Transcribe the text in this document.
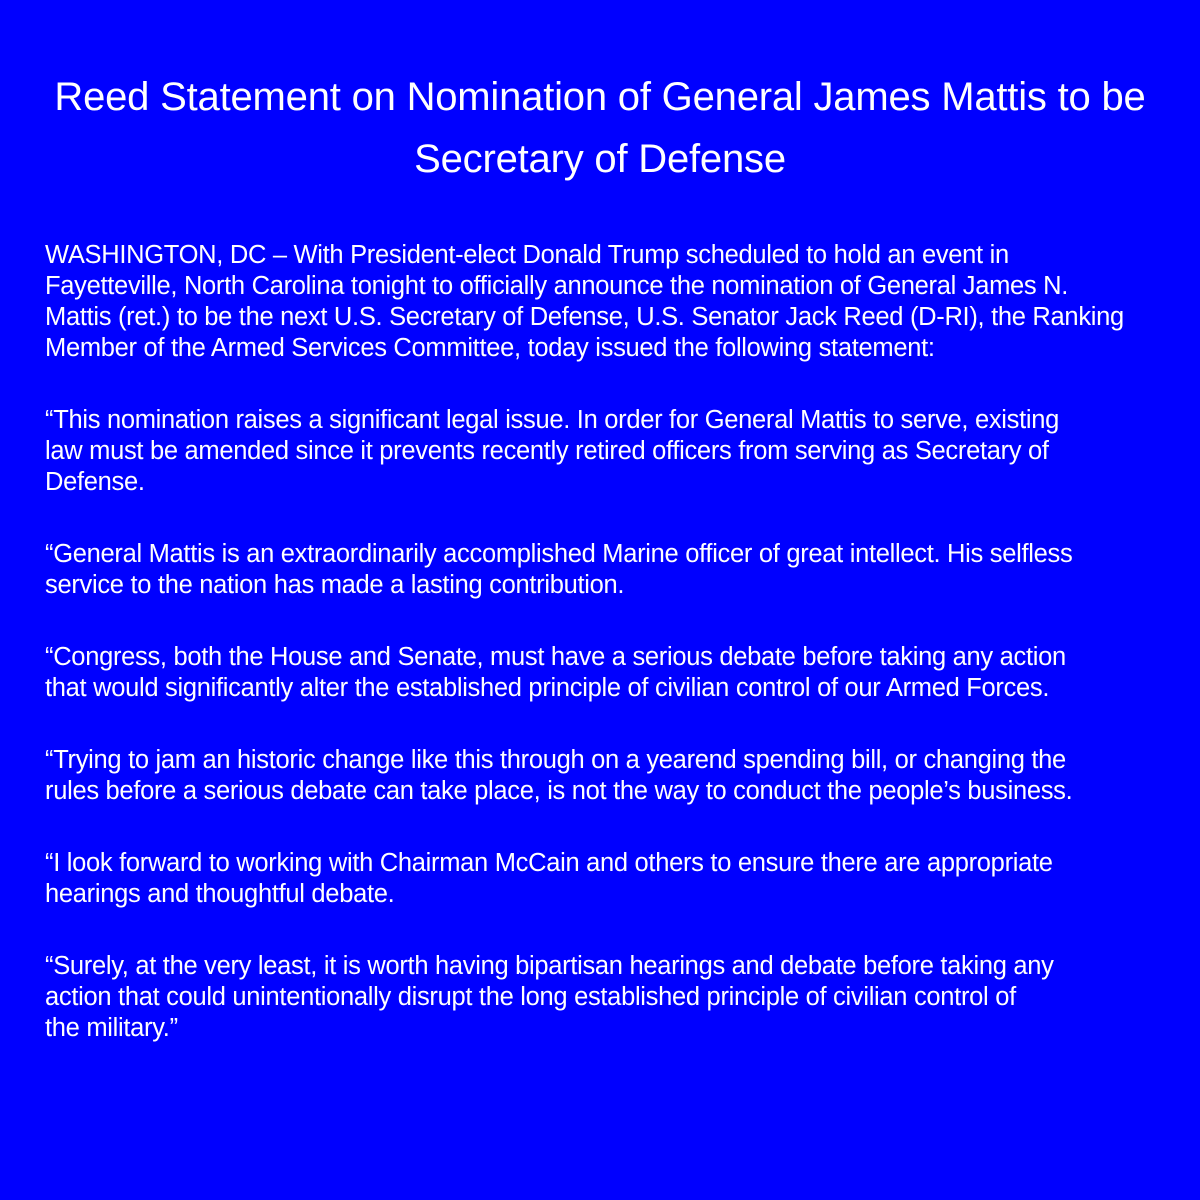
Reed Statement on Nomination of General James Mattis to be
Secretary of Defense

WASHINGTON, DC – With President-elect Donald Trump scheduled to hold an event in
Fayetteville, North Carolina tonight to officially announce the nomination of General James N.
Mattis (ret.) to be the next U.S. Secretary of Defense, U.S. Senator Jack Reed (D-RI), the Ranking
Member of the Armed Services Committee, today issued the following statement:

“This nomination raises a significant legal issue. In order for General Mattis to serve, existing
law must be amended since it prevents recently retired officers from serving as Secretary of
Defense.

“General Mattis is an extraordinarily accomplished Marine officer of great intellect. His selfless
service to the nation has made a lasting contribution.

“Congress, both the House and Senate, must have a serious debate before taking any action
that would significantly alter the established principle of civilian control of our Armed Forces.

“Trying to jam an historic change like this through on a yearend spending bill, or changing the
rules before a serious debate can take place, is not the way to conduct the people’s business.

“I look forward to working with Chairman McCain and others to ensure there are appropriate
hearings and thoughtful debate.

“Surely, at the very least, it is worth having bipartisan hearings and debate before taking any
action that could unintentionally disrupt the long established principle of civilian control of
the military.”
